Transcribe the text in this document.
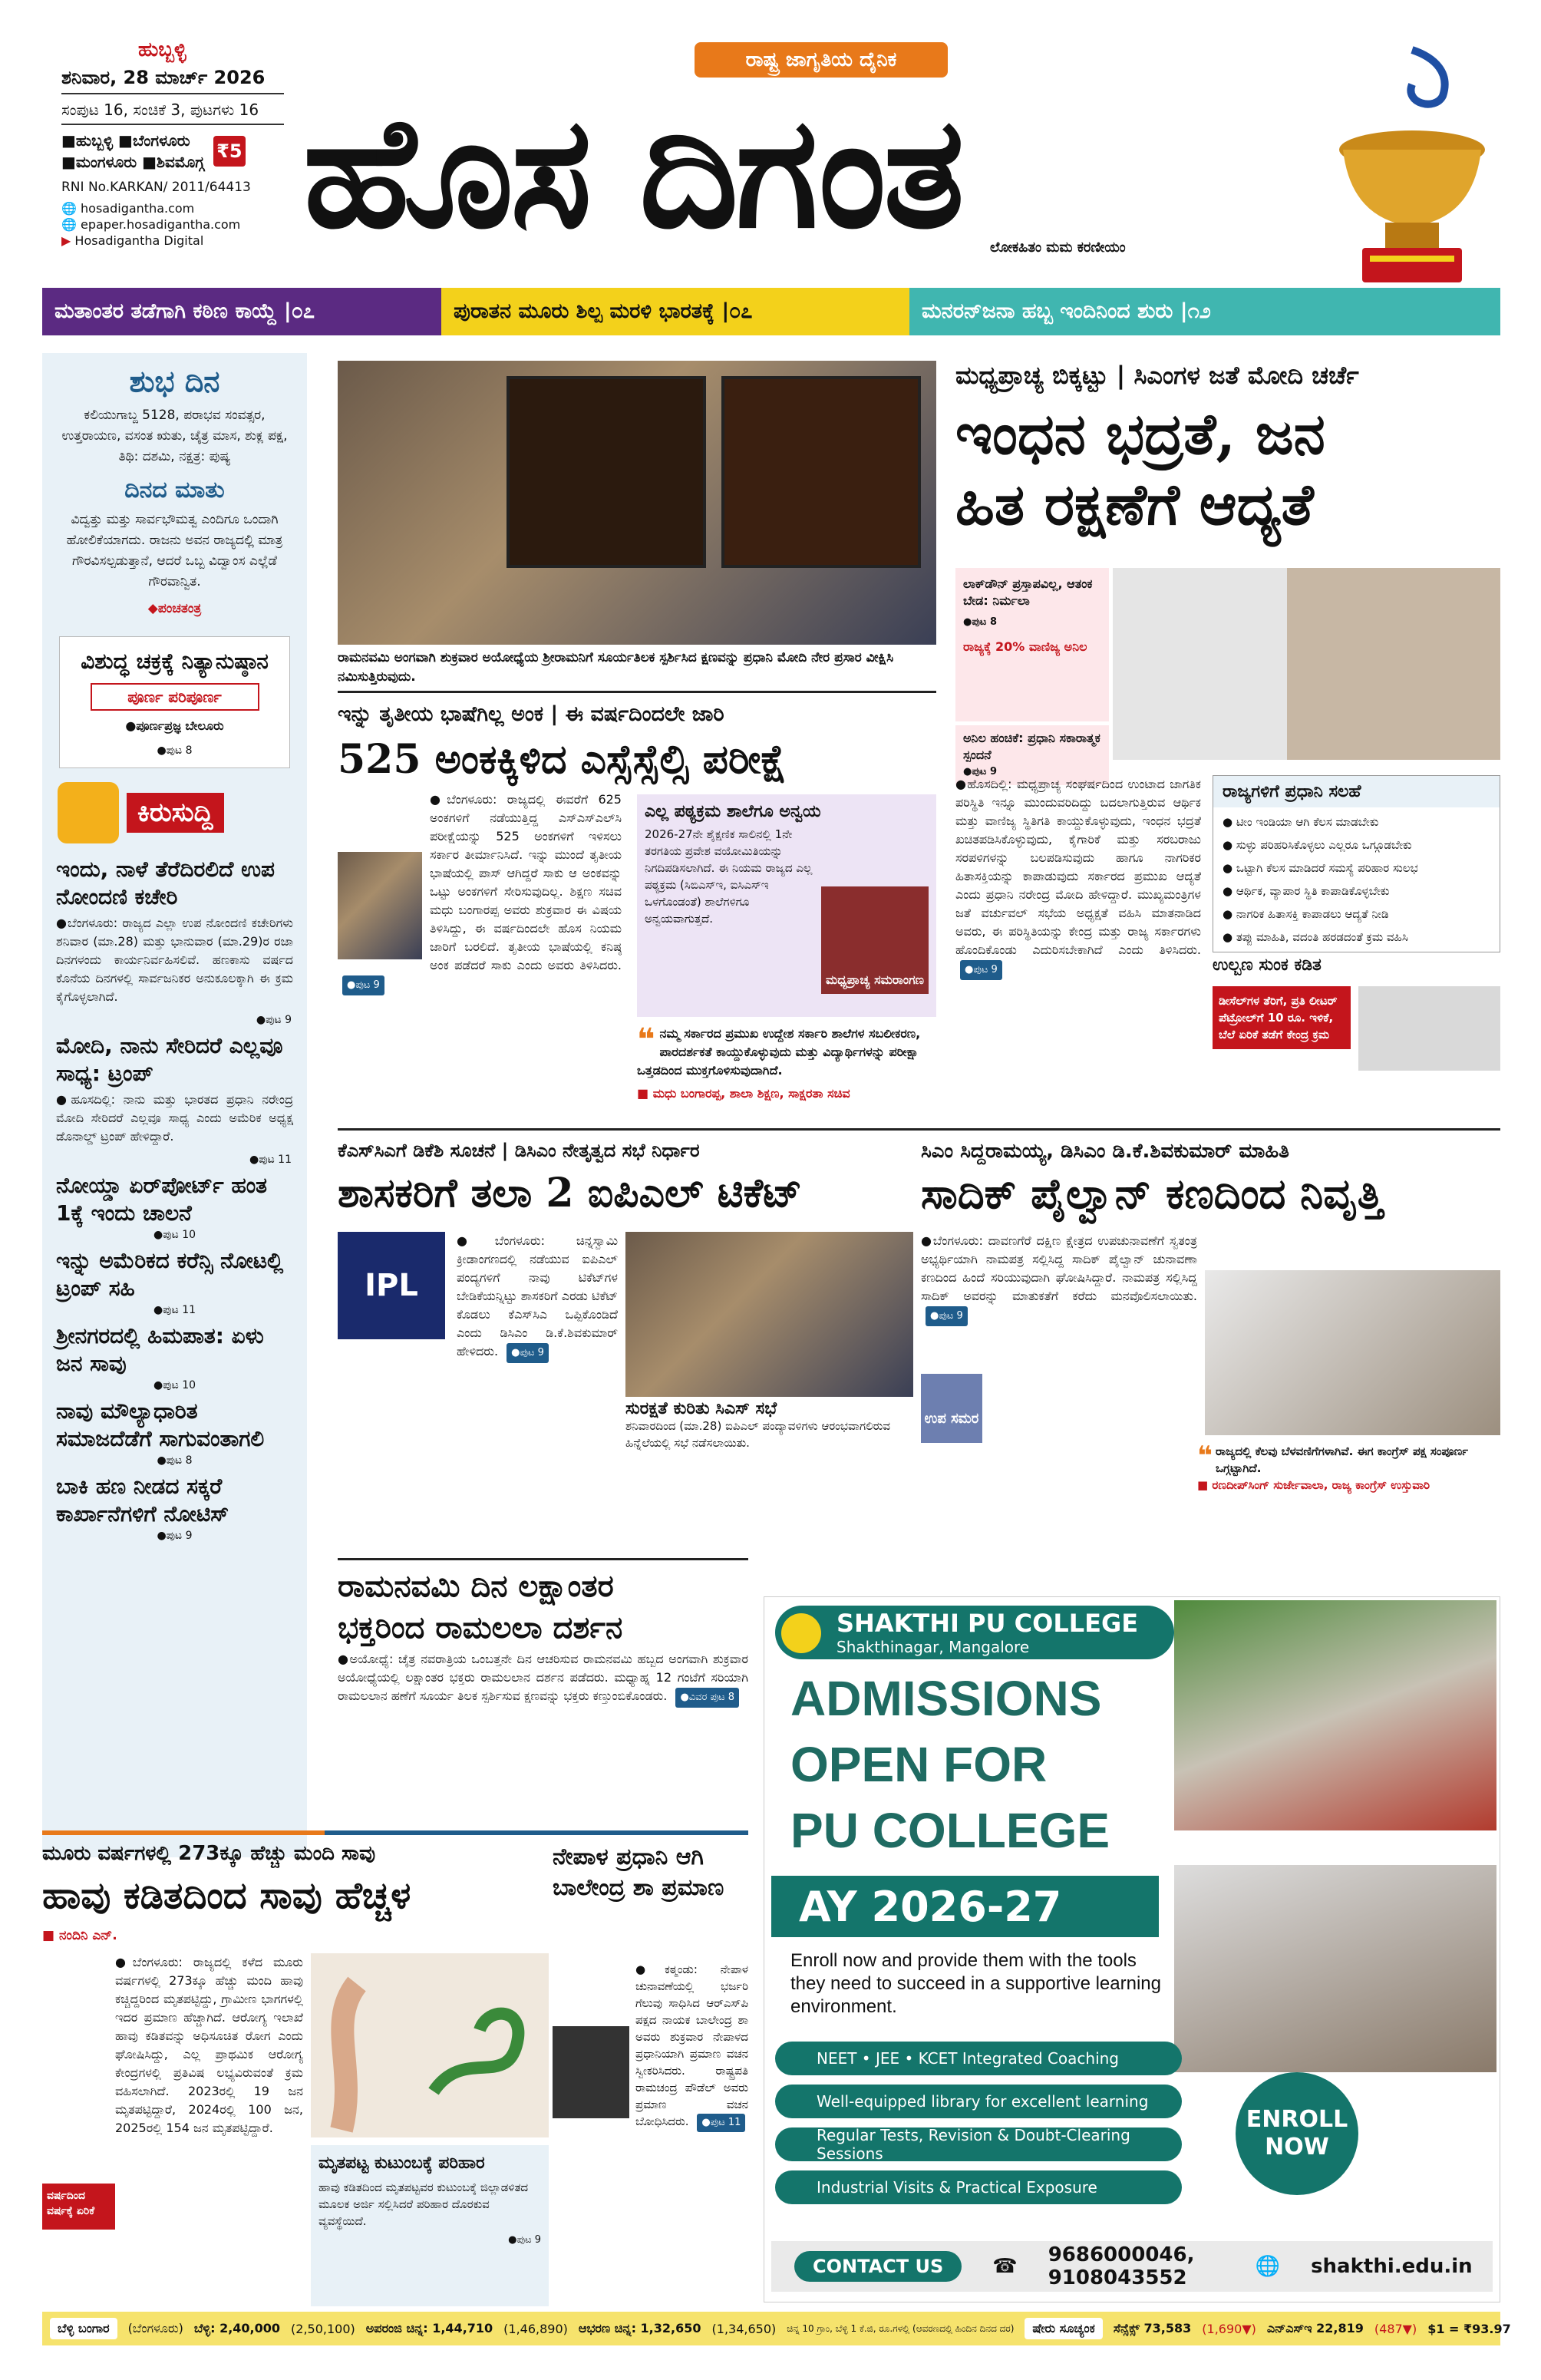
ಹುಬ್ಬಳ್ಳಿ
ಶನಿವಾರ, 28 ಮಾರ್ಚ್ 2026
ಸಂಪುಟ 16, ಸಂಚಿಕೆ 3, ಪುಟಗಳು 16
■ಹುಬ್ಬಳ್ಳಿ ■ಬೆಂಗಳೂರು
■ಮಂಗಳೂರು ■ಶಿವಮೊಗ್ಗ ₹5
RNI No.KARKAN/ 2011/64413
🌐 hosadigantha.com
🌐 epaper.hosadigantha.com
▶ Hosadigantha Digital
ರಾಷ್ಟ್ರ ಜಾಗೃತಿಯ ದೈನಿಕ
ಹೊಸ ದಿಗಂತ	ಲೋಕಹಿತಂ ಮಮ ಕರಣೀಯಂ
ಮತಾಂತರ ತಡೆಗಾಗಿ ಕಠಿಣ ಕಾಯ್ದೆ
|೦೭	ಪುರಾತನ ಮೂರು ಶಿಲ್ಪ ಮರಳಿ ಭಾರತಕ್ಕೆ
|೦೭	ಮನರನ್‌ಜನಾ ಹಬ್ಬ ಇಂದಿನಿಂದ ಶುರು
|೧೨
ಶುಭ ದಿನ
ಕಲಿಯುಗಾಬ್ದ 5128, ಪರಾಭವ ಸಂವತ್ಸರ, ಉತ್ತರಾಯಣ, ವಸಂತ ಋತು, ಚೈತ್ರ ಮಾಸ, ಶುಕ್ಲ ಪಕ್ಷ, ತಿಥಿ: ದಶಮಿ, ನಕ್ಷತ್ರ: ಪುಷ್ಯ
ದಿನದ ಮಾತು
ವಿದ್ವತ್ತು ಮತ್ತು ಸಾರ್ವಭೌಮತ್ವ ಎಂದಿಗೂ ಒಂದಾಗಿ ಹೋಲಿಕೆಯಾಗದು. ರಾಜನು ಅವನ ರಾಜ್ಯದಲ್ಲಿ ಮಾತ್ರ ಗೌರವಿಸಲ್ಪಡುತ್ತಾನೆ, ಆದರೆ ಒಬ್ಬ ವಿದ್ವಾಂಸ ಎಲ್ಲೆಡೆ ಗೌರವಾನ್ವಿತ.
◆ಪಂಚತಂತ್ರ
ವಿಶುದ್ಧ ಚಕ್ರಕ್ಕೆ ನಿತ್ಯಾನುಷ್ಠಾನ
ಪೂರ್ಣ ಪರಿಪೂರ್ಣ
●ಪೂರ್ಣಪ್ರಜ್ಞ ಬೇಲೂರು
●ಪುಟ 8
ಕಿರುಸುದ್ದಿ
ಇಂದು, ನಾಳೆ ತೆರೆದಿರಲಿದೆ ಉಪ ನೋಂದಣಿ ಕಚೇರಿ
●ಬೆಂಗಳೂರು: ರಾಜ್ಯದ ಎಲ್ಲಾ ಉಪ ನೋಂದಣಿ ಕಚೇರಿಗಳು ಶನಿವಾರ (ಮಾ.28) ಮತ್ತು ಭಾನುವಾರ (ಮಾ.29)ರ ರಜಾ ದಿನಗಳಂದು ಕಾರ್ಯನಿರ್ವಹಿಸಲಿವೆ. ಹಣಕಾಸು ವರ್ಷದ ಕೊನೆಯ ದಿನಗಳಲ್ಲಿ ಸಾರ್ವಜನಿಕರ ಅನುಕೂಲಕ್ಕಾಗಿ ಈ ಕ್ರಮ ಕೈಗೊಳ್ಳಲಾಗಿದೆ.
●ಪುಟ 9
ಮೋದಿ, ನಾನು ಸೇರಿದರೆ ಎಲ್ಲವೂ ಸಾಧ್ಯ: ಟ್ರಂಪ್
●ಹೂಸದಿಲ್ಲಿ: ನಾನು ಮತ್ತು ಭಾರತದ ಪ್ರಧಾನಿ ನರೇಂದ್ರ ಮೋದಿ ಸೇರಿದರೆ ಎಲ್ಲವೂ ಸಾಧ್ಯ ಎಂದು ಅಮೆರಿಕ ಅಧ್ಯಕ್ಷ ಡೊನಾಲ್ಡ್ ಟ್ರಂಪ್ ಹೇಳಿದ್ದಾರೆ.
●ಪುಟ 11
ನೋಯ್ಡಾ ಏರ್‌ಪೋರ್ಟ್ ಹಂತ 1ಕ್ಕೆ ಇಂದು ಚಾಲನೆ
●ಪುಟ 10
ಇನ್ನು ಅಮೆರಿಕದ ಕರೆನ್ಸಿ ನೋಟಲ್ಲಿ ಟ್ರಂಪ್ ಸಹಿ
●ಪುಟ 11
ಶ್ರೀನಗರದಲ್ಲಿ ಹಿಮಪಾತ: ಏಳು ಜನ ಸಾವು
●ಪುಟ 10
ನಾವು ಮೌಲ್ಯಾಧಾರಿತ ಸಮಾಜದೆಡೆಗೆ ಸಾಗುವಂತಾಗಲಿ
●ಪುಟ 8
ಬಾಕಿ ಹಣ ನೀಡದ ಸಕ್ಕರೆ ಕಾರ್ಖಾನೆಗಳಿಗೆ ನೋಟಿಸ್
●ಪುಟ 9
ರಾಮನವಮಿ ಅಂಗವಾಗಿ ಶುಕ್ರವಾರ ಅಯೋಧ್ಯೆಯ ಶ್ರೀರಾಮನಿಗೆ ಸೂರ್ಯತಿಲಕ ಸ್ಪರ್ಶಿಸಿದ ಕ್ಷಣವನ್ನು ಪ್ರಧಾನಿ ಮೋದಿ ನೇರ ಪ್ರಸಾರ ವೀಕ್ಷಿಸಿ ನಮಿಸುತ್ತಿರುವುದು.
ಮಧ್ಯಪ್ರಾಚ್ಯ ಬಿಕ್ಕಟ್ಟು | ಸಿಎಂಗಳ ಜತೆ ಮೋದಿ ಚರ್ಚೆ
ಇಂಧನ ಭದ್ರತೆ, ಜನ
ಹಿತ ರಕ್ಷಣೆಗೆ ಆದ್ಯತೆ
ಲಾಕ್‌ಡೌನ್ ಪ್ರಸ್ತಾಪವಿಲ್ಲ, ಆತಂಕ ಬೇಡ: ನಿರ್ಮಲಾ
●ಪುಟ 8
ರಾಜ್ಯಕ್ಕೆ 20% ವಾಣಿಜ್ಯ ಅನಿಲ
ಅನಿಲ ಹಂಚಿಕೆ: ಪ್ರಧಾನಿ ಸಕಾರಾತ್ಮಕ ಸ್ಪಂದನೆ
●ಪುಟ 9
●ಹೊಸದಿಲ್ಲಿ: ಮಧ್ಯಪ್ರಾಚ್ಯ ಸಂಘರ್ಷದಿಂದ ಉಂಟಾದ ಜಾಗತಿಕ ಪರಿಸ್ಥಿತಿ ಇನ್ನೂ ಮುಂದುವರಿದಿದ್ದು ಬದಲಾಗುತ್ತಿರುವ ಆರ್ಥಿಕ ಮತ್ತು ವಾಣಿಜ್ಯ ಸ್ಥಿತಿಗತಿ ಕಾಯ್ದುಕೊಳ್ಳುವುದು, ಇಂಧನ ಭದ್ರತೆ ಖಚಿತಪಡಿಸಿಕೊಳ್ಳುವುದು, ಕೈಗಾರಿಕೆ ಮತ್ತು ಸರಬರಾಜು ಸರಪಳಿಗಳನ್ನು ಬಲಪಡಿಸುವುದು ಹಾಗೂ ನಾಗರಿಕರ ಹಿತಾಸಕ್ತಿಯನ್ನು ಕಾಪಾಡುವುದು ಸರ್ಕಾರದ ಪ್ರಮುಖ ಆದ್ಯತೆ ಎಂದು ಪ್ರಧಾನಿ ನರೇಂದ್ರ ಮೋದಿ ಹೇಳಿದ್ದಾರೆ. ಮುಖ್ಯಮಂತ್ರಿಗಳ ಜತೆ ವರ್ಚುವಲ್ ಸಭೆಯ ಅಧ್ಯಕ್ಷತೆ ವಹಿಸಿ ಮಾತನಾಡಿದ ಅವರು, ಈ ಪರಿಸ್ಥಿತಿಯನ್ನು ಕೇಂದ್ರ ಮತ್ತು ರಾಜ್ಯ ಸರ್ಕಾರಗಳು ಹೊಂದಿಕೊಂಡು ಎದುರಿಸಬೇಕಾಗಿದೆ ಎಂದು ತಿಳಿಸಿದರು. ●ಪುಟ 9
ರಾಜ್ಯಗಳಿಗೆ ಪ್ರಧಾನಿ ಸಲಹೆ
● ಟೀಂ ಇಂಡಿಯಾ ಆಗಿ ಕೆಲಸ ಮಾಡಬೇಕು
● ಸುಳ್ಳು ಪರಿಹರಿಸಿಕೊಳ್ಳಲು ಎಲ್ಲರೂ ಒಗ್ಗೂಡಬೇಕು
● ಒಟ್ಟಾಗಿ ಕೆಲಸ ಮಾಡಿದರೆ ಸಮಸ್ಯೆ ಪರಿಹಾರ ಸುಲಭ
● ಆರ್ಥಿಕ, ವ್ಯಾಪಾರ ಸ್ಥಿತಿ ಕಾಪಾಡಿಕೊಳ್ಳಬೇಕು
● ನಾಗರಿಕ ಹಿತಾಸಕ್ತಿ ಕಾಪಾಡಲು ಆದ್ಯತೆ ನೀಡಿ
● ತಪ್ಪು ಮಾಹಿತಿ, ವದಂತಿ ಹರಡದಂತೆ ಕ್ರಮ ವಹಿಸಿ
ಉಲ್ಬಣ ಸುಂಕ ಕಡಿತ
ಡೀಸೆಲ್‌ಗಳ ತೆರಿಗೆ, ಪ್ರತಿ ಲೀಟರ್ ಪೆಟ್ರೋಲ್‌ಗೆ 10 ರೂ. ಇಳಿಕೆ, ಬೆಲೆ ಏರಿಕೆ ತಡೆಗೆ ಕೇಂದ್ರ ಕ್ರಮ
ಇನ್ನು ತೃತೀಯ ಭಾಷೆಗಿಲ್ಲ ಅಂಕ | ಈ ವರ್ಷದಿಂದಲೇ ಜಾರಿ
525 ಅಂಕಕ್ಕಿಳಿದ ಎಸ್ಸೆಸ್ಸೆಲ್ಸಿ ಪರೀಕ್ಷೆ
●ಬೆಂಗಳೂರು: ರಾಜ್ಯದಲ್ಲಿ ಈವರೆಗೆ 625 ಅಂಕಗಳಿಗೆ ನಡೆಯುತ್ತಿದ್ದ ಎಸ್‌ಎಸ್‌ಎಲ್‌ಸಿ ಪರೀಕ್ಷೆಯನ್ನು 525 ಅಂಕಗಳಿಗೆ ಇಳಿಸಲು ಸರ್ಕಾರ ತೀರ್ಮಾನಿಸಿದೆ. ಇನ್ನು ಮುಂದೆ ತೃತೀಯ ಭಾಷೆಯಲ್ಲಿ ಪಾಸ್ ಆಗಿದ್ದರೆ ಸಾಕು ಆ ಅಂಕವನ್ನು ಒಟ್ಟು ಅಂಕಗಳಿಗೆ ಸೇರಿಸುವುದಿಲ್ಲ. ಶಿಕ್ಷಣ ಸಚಿವ ಮಧು ಬಂಗಾರಪ್ಪ ಅವರು ಶುಕ್ರವಾರ ಈ ವಿಷಯ ತಿಳಿಸಿದ್ದು, ಈ ವರ್ಷದಿಂದಲೇ ಹೊಸ ನಿಯಮ ಜಾರಿಗೆ ಬರಲಿದೆ. ತೃತೀಯ ಭಾಷೆಯಲ್ಲಿ ಕನಿಷ್ಠ ಅಂಕ ಪಡೆದರೆ ಸಾಕು ಎಂದು ಅವರು ತಿಳಿಸಿದರು. ●ಪುಟ 9
ಎಲ್ಲ ಪಠ್ಯಕ್ರಮ ಶಾಲೆಗೂ ಅನ್ವಯ
2026-27ನೇ ಶೈಕ್ಷಣಿಕ ಸಾಲಿನಲ್ಲಿ 1ನೇ ತರಗತಿಯ ಪ್ರವೇಶ ವಯೋಮಿತಿಯನ್ನು ನಿಗದಿಪಡಿಸಲಾಗಿದೆ. ಈ ನಿಯಮ ರಾಜ್ಯದ ಎಲ್ಲ ಪಠ್ಯಕ್ರಮ (ಸಿಬಿಎಸ್‌ಇ, ಐಸಿಎಸ್‌ಇ ಒಳಗೊಂಡಂತೆ) ಶಾಲೆಗಳಿಗೂ ಅನ್ವಯವಾಗುತ್ತದೆ.
ಮಧ್ಯಪ್ರಾಚ್ಯ ಸಮರಾಂಗಣ
❝ ನಮ್ಮ ಸರ್ಕಾರದ ಪ್ರಮುಖ ಉದ್ದೇಶ ಸರ್ಕಾರಿ ಶಾಲೆಗಳ ಸಬಲೀಕರಣ, ಪಾರದರ್ಶಕತೆ ಕಾಯ್ದುಕೊಳ್ಳುವುದು ಮತ್ತು ವಿದ್ಯಾರ್ಥಿಗಳನ್ನು ಪರೀಕ್ಷಾ ಒತ್ತಡದಿಂದ ಮುಕ್ತಗೊಳಿಸುವುದಾಗಿದೆ.
■ ಮಧು ಬಂಗಾರಪ್ಪ, ಶಾಲಾ ಶಿಕ್ಷಣ, ಸಾಕ್ಷರತಾ ಸಚಿವ
ಕೆಎಸ್‌ಸಿಎಗೆ ಡಿಕೆಶಿ ಸೂಚನೆ | ಡಿಸಿಎಂ ನೇತೃತ್ವದ ಸಭೆ ನಿರ್ಧಾರ
ಶಾಸಕರಿಗೆ ತಲಾ 2 ಐಪಿಎಲ್ ಟಿಕೆಟ್
IPL
●ಬೆಂಗಳೂರು: ಚಿನ್ನಸ್ವಾಮಿ ಕ್ರೀಡಾಂಗಣದಲ್ಲಿ ನಡೆಯುವ ಐಪಿಎಲ್ ಪಂದ್ಯಗಳಿಗೆ ನಾವು ಟಿಕೆಟ್‌ಗಳ ಬೇಡಿಕೆಯನ್ನಿಟ್ಟು ಶಾಸಕರಿಗೆ ಎರಡು ಟಿಕೆಟ್ ಕೊಡಲು ಕೆಎಸ್‌ಸಿಎ ಒಪ್ಪಿಕೊಂಡಿದೆ ಎಂದು ಡಿಸಿಎಂ ಡಿ.ಕೆ.ಶಿವಕುಮಾರ್ ಹೇಳಿದರು. ●ಪುಟ 9
ಸುರಕ್ಷತೆ ಕುರಿತು ಸಿಎಸ್ ಸಭೆ
ಶನಿವಾರದಿಂದ (ಮಾ.28) ಐಪಿಎಲ್ ಪಂದ್ಯಾವಳಿಗಳು ಆರಂಭವಾಗಲಿರುವ ಹಿನ್ನೆಲೆಯಲ್ಲಿ ಸಭೆ ನಡೆಸಲಾಯಿತು.
ಸಿಎಂ ಸಿದ್ದರಾಮಯ್ಯ, ಡಿಸಿಎಂ ಡಿ.ಕೆ.ಶಿವಕುಮಾರ್ ಮಾಹಿತಿ
ಸಾದಿಕ್ ಪೈಲ್ವಾನ್ ಕಣದಿಂದ ನಿವೃತ್ತಿ
●ಬೆಂಗಳೂರು: ದಾವಣಗೆರೆ ದಕ್ಷಿಣ ಕ್ಷೇತ್ರದ ಉಪಚುನಾವಣೆಗೆ ಸ್ವತಂತ್ರ ಅಭ್ಯರ್ಥಿಯಾಗಿ ನಾಮಪತ್ರ ಸಲ್ಲಿಸಿದ್ದ ಸಾದಿಕ್ ಪೈಲ್ವಾನ್ ಚುನಾವಣಾ ಕಣದಿಂದ ಹಿಂದೆ ಸರಿಯುವುದಾಗಿ ಘೋಷಿಸಿದ್ದಾರೆ. ನಾಮಪತ್ರ ಸಲ್ಲಿಸಿದ್ದ ಸಾದಿಕ್ ಅವರನ್ನು ಮಾತುಕತೆಗೆ ಕರೆದು ಮನವೊಲಿಸಲಾಯಿತು. ●ಪುಟ 9
ಉಪ ಸಮರ
❝ ರಾಜ್ಯದಲ್ಲಿ ಕೆಲವು ಬೆಳವಣಿಗೆಗಳಾಗಿವೆ. ಈಗ ಕಾಂಗ್ರೆಸ್ ಪಕ್ಷ ಸಂಪೂರ್ಣ ಒಗ್ಗಟ್ಟಾಗಿದೆ.
■ ರಣದೀಪ್‌ಸಿಂಗ್ ಸುರ್ಜೇವಾಲಾ, ರಾಜ್ಯ ಕಾಂಗ್ರೆಸ್ ಉಸ್ತುವಾರಿ
ರಾಮನವಮಿ ದಿನ ಲಕ್ಷಾಂತರ
ಭಕ್ತರಿಂದ ರಾಮಲಲಾ ದರ್ಶನ
●ಅಯೋಧ್ಯೆ: ಚೈತ್ರ ನವರಾತ್ರಿಯ ಒಂಬತ್ತನೇ ದಿನ ಆಚರಿಸುವ ರಾಮನವಮಿ ಹಬ್ಬದ ಅಂಗವಾಗಿ ಶುಕ್ರವಾರ ಅಯೋಧ್ಯೆಯಲ್ಲಿ ಲಕ್ಷಾಂತರ ಭಕ್ತರು ರಾಮಲಲಾನ ದರ್ಶನ ಪಡೆದರು. ಮಧ್ಯಾಹ್ನ 12 ಗಂಟೆಗೆ ಸರಿಯಾಗಿ ರಾಮಲಲಾನ ಹಣೆಗೆ ಸೂರ್ಯ ತಿಲಕ ಸ್ಪರ್ಶಿಸುವ ಕ್ಷಣವನ್ನು ಭಕ್ತರು ಕಣ್ತುಂಬಿಕೊಂಡರು. ●ವಿವರ ಪುಟ 8
ಮೂರು ವರ್ಷಗಳಲ್ಲಿ 273ಕ್ಕೂ ಹೆಚ್ಚು ಮಂದಿ ಸಾವು
ಹಾವು ಕಡಿತದಿಂದ ಸಾವು ಹೆಚ್ಚಳ
■ ನಂದಿನಿ ಎನ್.
ವರ್ಷದಿಂದ ವರ್ಷಕ್ಕೆ ಏರಿಕೆ
●ಬೆಂಗಳೂರು: ರಾಜ್ಯದಲ್ಲಿ ಕಳೆದ ಮೂರು ವರ್ಷಗಳಲ್ಲಿ 273ಕ್ಕೂ ಹೆಚ್ಚು ಮಂದಿ ಹಾವು ಕಚ್ಚಿದ್ದರಿಂದ ಮೃತಪಟ್ಟಿದ್ದು, ಗ್ರಾಮೀಣ ಭಾಗಗಳಲ್ಲಿ ಇದರ ಪ್ರಮಾಣ ಹೆಚ್ಚಾಗಿದೆ. ಆರೋಗ್ಯ ಇಲಾಖೆ ಹಾವು ಕಡಿತವನ್ನು ಅಧಿಸೂಚಿತ ರೋಗ ಎಂದು ಘೋಷಿಸಿದ್ದು, ಎಲ್ಲ ಪ್ರಾಥಮಿಕ ಆರೋಗ್ಯ ಕೇಂದ್ರಗಳಲ್ಲಿ ಪ್ರತಿವಿಷ ಲಭ್ಯವಿರುವಂತೆ ಕ್ರಮ ವಹಿಸಲಾಗಿದೆ. 2023ರಲ್ಲಿ 19 ಜನ ಮೃತಪಟ್ಟಿದ್ದಾರೆ, 2024ರಲ್ಲಿ 100 ಜನ, 2025ರಲ್ಲಿ 154 ಜನ ಮೃತಪಟ್ಟಿದ್ದಾರೆ.
ಮೃತಪಟ್ಟ ಕುಟುಂಬಕ್ಕೆ ಪರಿಹಾರ
ಹಾವು ಕಡಿತದಿಂದ ಮೃತಪಟ್ಟವರ ಕುಟುಂಬಕ್ಕೆ ಜಿಲ್ಲಾಡಳಿತದ ಮೂಲಕ ಅರ್ಜಿ ಸಲ್ಲಿಸಿದರೆ ಪರಿಹಾರ ದೊರಕುವ ವ್ಯವಸ್ಥೆಯಿದೆ.
●ಪುಟ 9
ನೇಪಾಳ ಪ್ರಧಾನಿ ಆಗಿ ಬಾಲೇಂದ್ರ ಶಾ ಪ್ರಮಾಣ
●ಕಠ್ಮಂಡು: ನೇಪಾಳ ಚುನಾವಣೆಯಲ್ಲಿ ಭರ್ಜರಿ ಗೆಲುವು ಸಾಧಿಸಿದ ಆರ್‌ಎಸ್‌ಪಿ ಪಕ್ಷದ ನಾಯಕ ಬಾಲೇಂದ್ರ ಶಾ ಅವರು ಶುಕ್ರವಾರ ನೇಪಾಳದ ಪ್ರಧಾನಿಯಾಗಿ ಪ್ರಮಾಣ ವಚನ ಸ್ವೀಕರಿಸಿದರು. ರಾಷ್ಟ್ರಪತಿ ರಾಮಚಂದ್ರ ಪೌಡೆಲ್ ಅವರು ಪ್ರಮಾಣ ವಚನ ಬೋಧಿಸಿದರು. ●ಪುಟ 11
SHAKTHI PU COLLEGE
Shakthinagar, Mangalore
ADMISSIONS
OPEN FOR
PU COLLEGE
AY 2026-27
Enroll now and provide them with the tools they need to succeed in a supportive learning environment.
NEET • JEE • KCET Integrated Coaching
Well-equipped library for excellent learning
Regular Tests, Revision & Doubt-Clearing Sessions
Industrial Visits & Practical Exposure
ENROLL NOW
CONTACT US	☎ 9686000046, 9108043552	🌐 shakthi.edu.in
ಬೆಳ್ಳಿ ಬಂಗಾರ	(ಬೆಂಗಳೂರು) ಬೆಳ್ಳಿ: 2,40,000 (2,50,100) ಅಪರಂಜಿ ಚಿನ್ನ: 1,44,710 (1,46,890) ಆಭರಣ ಚಿನ್ನ: 1,32,650 (1,34,650) ಚಿನ್ನ 10 ಗ್ರಾಂ, ಬೆಳ್ಳಿ 1 ಕೆ.ಜಿ, ರೂ.ಗಳಲ್ಲಿ (ಆವರಣದಲ್ಲಿ ಹಿಂದಿನ ದಿನದ ದರ)	ಷೇರು ಸೂಚ್ಯಂಕ	ಸೆನ್ಸೆಕ್ಸ್ 73,583 (1,690▼) ಎನ್‌ಎಸ್‌ಇ 22,819 (487▼) $1 = ₹93.97
